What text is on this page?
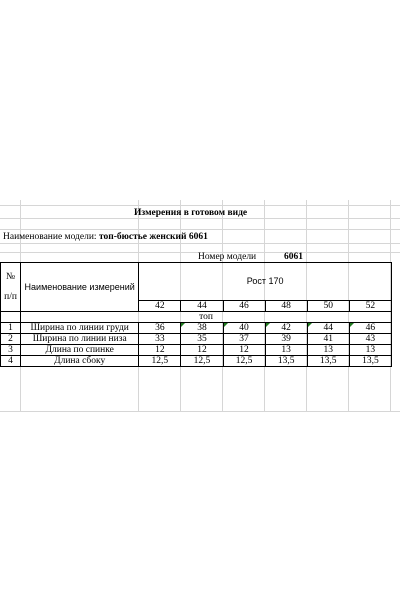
Измерения в готовом виде
Наименование модели: топ-бюстье женский 6061
Номер модели	6061
№
п/п	Наименование измерений	Рост 170					
		42	44	46	48	50	52
	топ						
1	Ширина по линии груди	36	38	40	42	44	46
2	Ширина по линии низа	33	35	37	39	41	43
3	Длина по спинке	12	12	12	13	13	13
4	Длина сбоку	12,5	12,5	12,5	13,5	13,5	13,5
